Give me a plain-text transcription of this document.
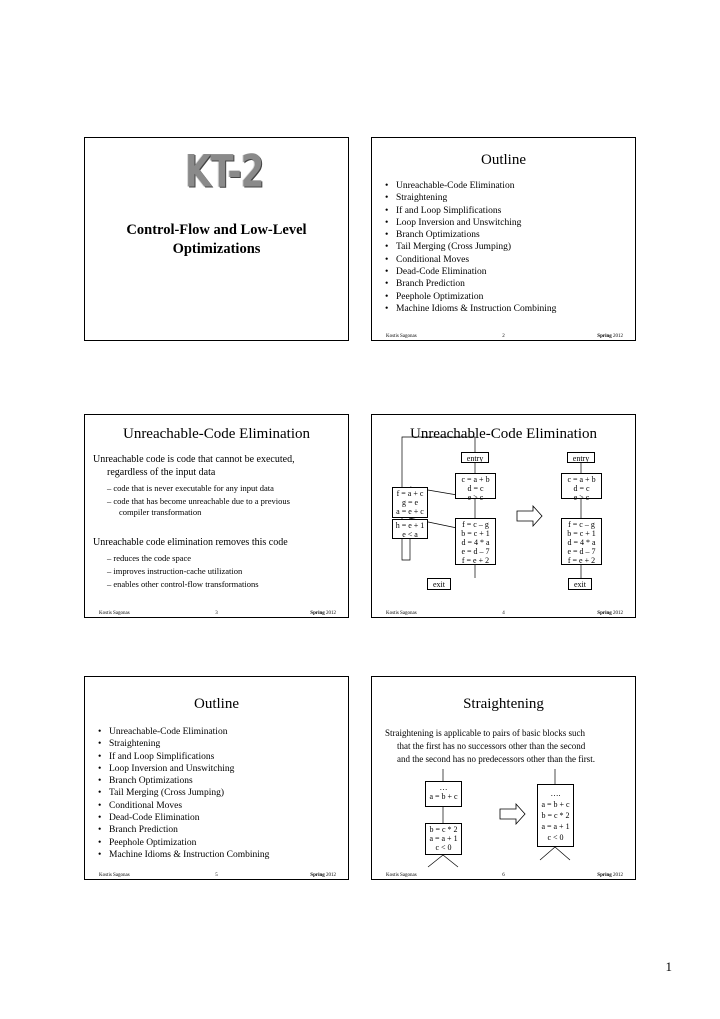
KT-2
Control-Flow and Low-Level
Optimizations
Outline
• Unreachable-Code Elimination
• Straightening
• If and Loop Simplifications
• Loop Inversion and Unswitching
• Branch Optimizations
• Tail Merging (Cross Jumping)
• Conditional Moves
• Dead-Code Elimination
• Branch Prediction
• Peephole Optimization
• Machine Idioms & Instruction Combining
Kostis Sagonas	2	Spring 2012
Unreachable-Code Elimination
Unreachable code is code that cannot be executed,
regardless of the input data
– code that is never executable for any input data
– code that has become unreachable due to a previous
compiler transformation
Unreachable code elimination removes this code
– reduces the code space
– improves instruction-cache utilization
– enables other control-flow transformations
Kostis Sagonas	3	Spring 2012
Unreachable-Code Elimination
entry
c = a + b
d = c
e > c
f = a + c
g = e
a = e + c
f = c – g
b = c + 1
d = 4 * a
e = d – 7
f = e + 2
h = e + 1
e < a
exit
entry
c = a + b
d = c
e > c
f = c – g
b = c + 1
d = 4 * a
e = d – 7
f = e + 2
exit
Kostis Sagonas	4	Spring 2012
Outline
• Unreachable-Code Elimination
• Straightening
• If and Loop Simplifications
• Loop Inversion and Unswitching
• Branch Optimizations
• Tail Merging (Cross Jumping)
• Conditional Moves
• Dead-Code Elimination
• Branch Prediction
• Peephole Optimization
• Machine Idioms & Instruction Combining
Kostis Sagonas	5	Spring 2012
Straightening
Straightening is applicable to pairs of basic blocks such
that the first has no successors other than the second
and the second has no predecessors other than the first.
…
a = b + c
b = c * 2
a = a + 1
c < 0
….
a = b + c
b = c * 2
a = a + 1
c < 0
Kostis Sagonas	6	Spring 2012
1
